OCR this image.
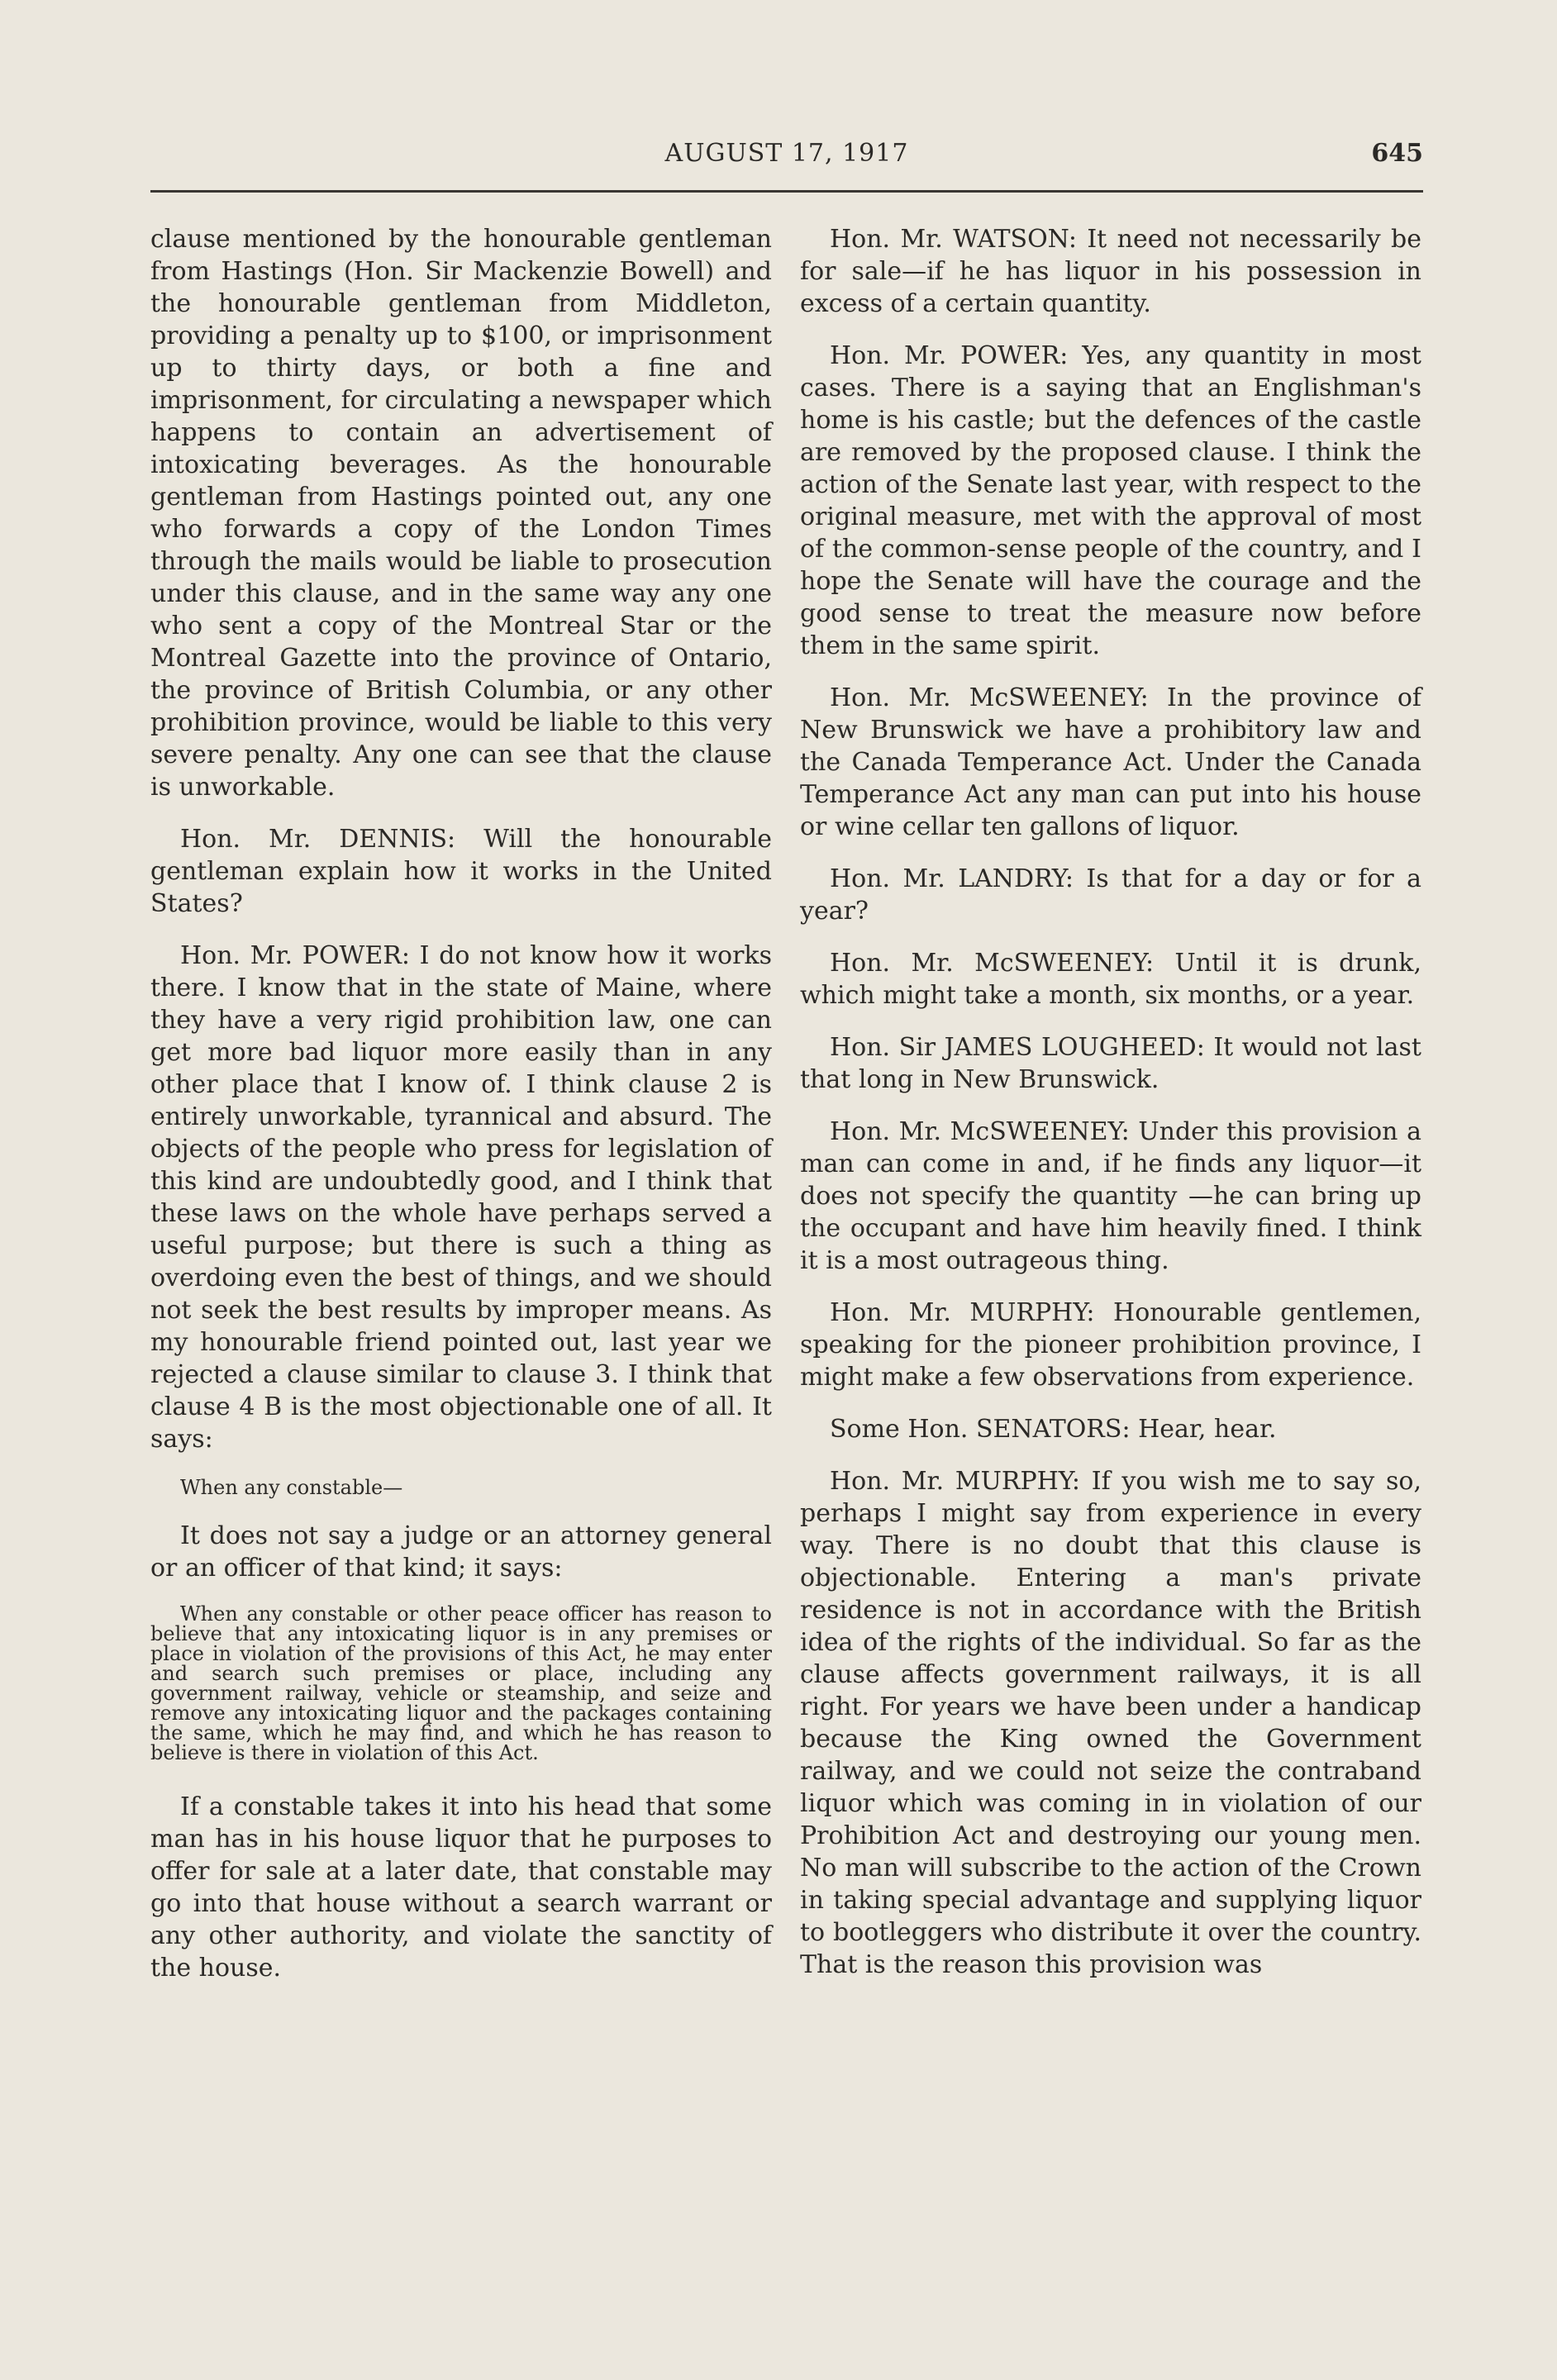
AUGUST 17, 1917	645

clause mentioned by the honourable gentleman from Hastings (Hon. Sir Mackenzie Bowell) and the honourable gentleman from Middleton, providing a penalty up to $100, or imprisonment up to thirty days, or both a fine and imprisonment, for circulating a newspaper which happens to contain an advertisement of intoxicating beverages. As the honourable gentleman from Hastings pointed out, any one who forwards a copy of the London Times through the mails would be liable to prosecution under this clause, and in the same way any one who sent a copy of the Montreal Star or the Montreal Gazette into the province of Ontario, the province of British Columbia, or any other prohibition province, would be liable to this very severe penalty. Any one can see that the clause is unworkable.

Hon. Mr. DENNIS: Will the honourable gentleman explain how it works in the United States?

Hon. Mr. POWER: I do not know how it works there. I know that in the state of Maine, where they have a very rigid prohibition law, one can get more bad liquor more easily than in any other place that I know of. I think clause 2 is entirely unworkable, tyrannical and absurd. The objects of the people who press for legislation of this kind are undoubtedly good, and I think that these laws on the whole have perhaps served a useful purpose; but there is such a thing as overdoing even the best of things, and we should not seek the best results by improper means. As my honourable friend pointed out, last year we rejected a clause similar to clause 3. I think that clause 4 B is the most objectionable one of all. It says:

When any constable—

It does not say a judge or an attorney general or an officer of that kind; it says:

When any constable or other peace officer has reason to believe that any intoxicating liquor is in any premises or place in violation of the provisions of this Act, he may enter and search such premises or place, including any government railway, vehicle or steamship, and seize and remove any intoxicating liquor and the packages containing the same, which he may find, and which he has reason to believe is there in violation of this Act.

If a constable takes it into his head that some man has in his house liquor that he purposes to offer for sale at a later date, that constable may go into that house without a search warrant or any other authority, and violate the sanctity of the house.

Hon. Mr. WATSON: It need not necessarily be for sale—if he has liquor in his possession in excess of a certain quantity.

Hon. Mr. POWER: Yes, any quantity in most cases. There is a saying that an Englishman's home is his castle; but the defences of the castle are removed by the proposed clause. I think the action of the Senate last year, with respect to the original measure, met with the approval of most of the common-sense people of the country, and I hope the Senate will have the courage and the good sense to treat the measure now before them in the same spirit.

Hon. Mr. McSWEENEY: In the province of New Brunswick we have a prohibitory law and the Canada Temperance Act. Under the Canada Temperance Act any man can put into his house or wine cellar ten gallons of liquor.

Hon. Mr. LANDRY: Is that for a day or for a year?

Hon. Mr. McSWEENEY: Until it is drunk, which might take a month, six months, or a year.

Hon. Sir JAMES LOUGHEED: It would not last that long in New Brunswick.

Hon. Mr. McSWEENEY: Under this provision a man can come in and, if he finds any liquor—it does not specify the quantity —he can bring up the occupant and have him heavily fined. I think it is a most outrageous thing.

Hon. Mr. MURPHY: Honourable gentlemen, speaking for the pioneer prohibition province, I might make a few observations from experience.

Some Hon. SENATORS: Hear, hear.

Hon. Mr. MURPHY: If you wish me to say so, perhaps I might say from experience in every way. There is no doubt that this clause is objectionable. Entering a man's private residence is not in accordance with the British idea of the rights of the individual. So far as the clause affects government railways, it is all right. For years we have been under a handicap because the King owned the Government railway, and we could not seize the contraband liquor which was coming in in violation of our Prohibition Act and destroying our young men. No man will subscribe to the action of the Crown in taking special advantage and supplying liquor to bootleggers who distribute it over the country. That is the reason this provision was
